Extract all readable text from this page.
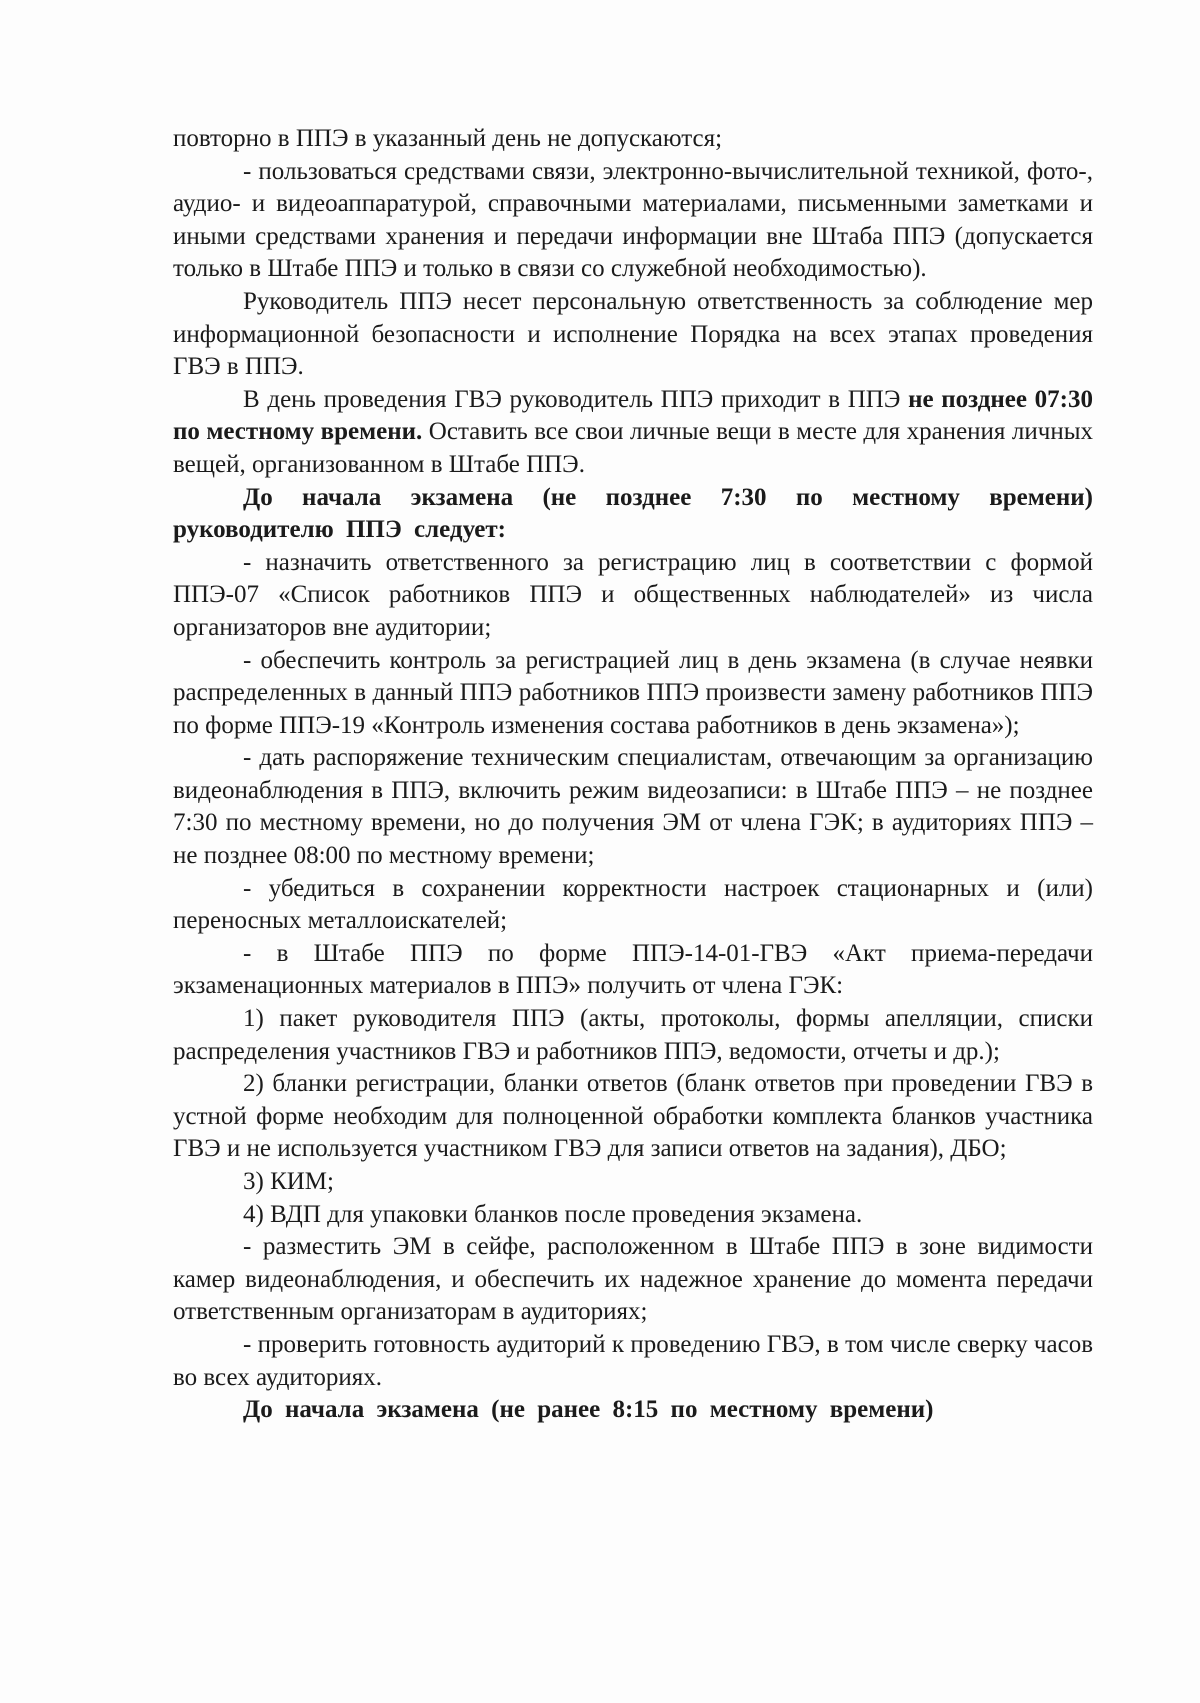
повторно в ППЭ в указанный день не допускаются;

- пользоваться средствами связи, электронно-вычислительной техникой, фото-, аудио- и видеоаппаратурой, справочными материалами, письменными заметками и иными средствами хранения и передачи информации вне Штаба ППЭ (допускается только в Штабе ППЭ и только в связи со служебной необходимостью).

Руководитель ППЭ несет персональную ответственность за соблюдение мер информационной безопасности и исполнение Порядка на всех этапах проведения ГВЭ в ППЭ.

В день проведения ГВЭ руководитель ППЭ приходит в ППЭ не позднее 07:30 по местному времени. Оставить все свои личные вещи в месте для хранения личных вещей, организованном в Штабе ППЭ.

До начала экзамена (не позднее 7:30 по местному времени) руководителю ППЭ следует:

- назначить ответственного за регистрацию лиц в соответствии с формой ППЭ-07 «Список работников ППЭ и общественных наблюдателей» из числа организаторов вне аудитории;

- обеспечить контроль за регистрацией лиц в день экзамена (в случае неявки распределенных в данный ППЭ работников ППЭ произвести замену работников ППЭ по форме ППЭ-19 «Контроль изменения состава работников в день экзамена»);

- дать распоряжение техническим специалистам, отвечающим за организацию видеонаблюдения в ППЭ, включить режим видеозаписи: в Штабе ППЭ – не позднее 7:30 по местному времени, но до получения ЭМ от члена ГЭК; в аудиториях ППЭ – не позднее 08:00 по местному времени;

- убедиться в сохранении корректности настроек стационарных и (или) переносных металлоискателей;

- в Штабе ППЭ по форме ППЭ-14-01-ГВЭ «Акт приема-передачи экзаменационных материалов в ППЭ» получить от члена ГЭК:

1) пакет руководителя ППЭ (акты, протоколы, формы апелляции, списки распределения участников ГВЭ и работников ППЭ, ведомости, отчеты и др.);

2) бланки регистрации, бланки ответов (бланк ответов при проведении ГВЭ в устной форме необходим для полноценной обработки комплекта бланков участника ГВЭ и не используется участником ГВЭ для записи ответов на задания), ДБО;

3) КИМ;

4) ВДП для упаковки бланков после проведения экзамена.

- разместить ЭМ в сейфе, расположенном в Штабе ППЭ в зоне видимости камер видеонаблюдения, и обеспечить их надежное хранение до момента передачи ответственным организаторам в аудиториях;

- проверить готовность аудиторий к проведению ГВЭ, в том числе сверку часов во всех аудиториях.

До начала экзамена (не ранее 8:15 по местному времени)
